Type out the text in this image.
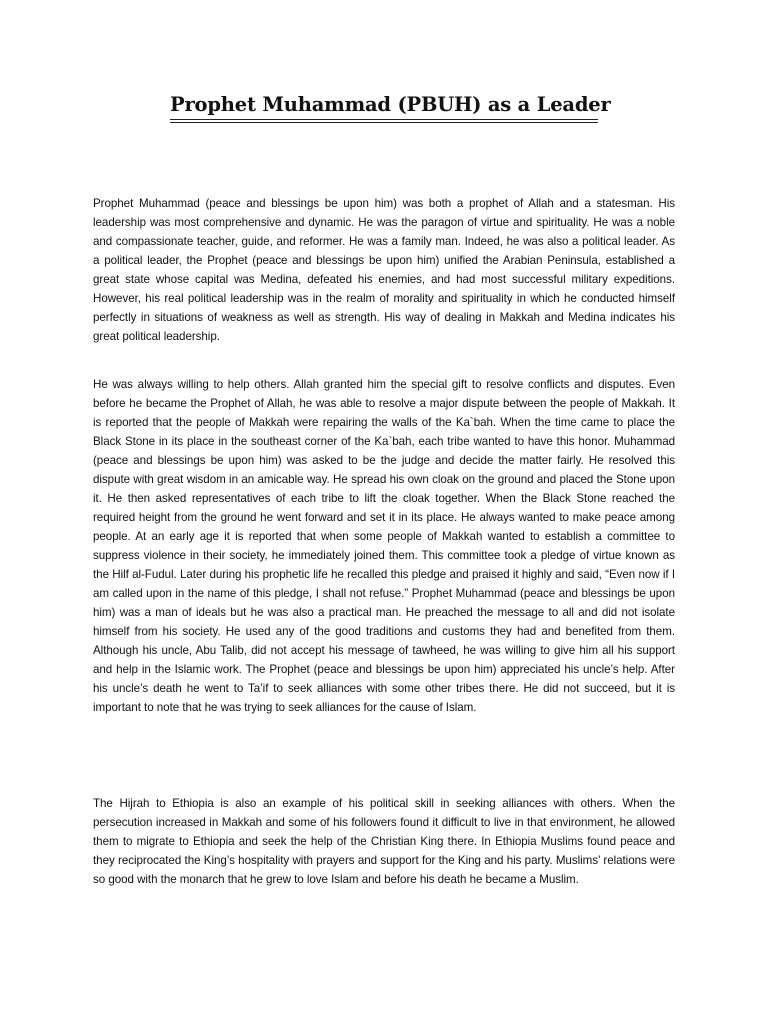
Prophet Muhammad (PBUH) as a Leader

Prophet Muhammad (peace and blessings be upon him) was both a prophet of Allah and a statesman. His leadership was most comprehensive and dynamic. He was the paragon of virtue and spirituality. He was a noble and compassionate teacher, guide, and reformer. He was a family man. Indeed, he was also a political leader. As a political leader, the Prophet (peace and blessings be upon him) unified the Arabian Peninsula, established a great state whose capital was Medina, defeated his enemies, and had most successful military expeditions. However, his real political leadership was in the realm of morality and spirituality in which he conducted himself perfectly in situations of weakness as well as strength. His way of dealing in Makkah and Medina indicates his great political leadership.

He was always willing to help others. Allah granted him the special gift to resolve conflicts and disputes. Even before he became the Prophet of Allah, he was able to resolve a major dispute between the people of Makkah. It is reported that the people of Makkah were repairing the walls of the Ka`bah. When the time came to place the Black Stone in its place in the southeast corner of the Ka`bah, each tribe wanted to have this honor. Muhammad (peace and blessings be upon him) was asked to be the judge and decide the matter fairly. He resolved this dispute with great wisdom in an amicable way. He spread his own cloak on the ground and placed the Stone upon it. He then asked representatives of each tribe to lift the cloak together. When the Black Stone reached the required height from the ground he went forward and set it in its place. He always wanted to make peace among people. At an early age it is reported that when some people of Makkah wanted to establish a committee to suppress violence in their society, he immediately joined them. This committee took a pledge of virtue known as the Hilf al-Fudul. Later during his prophetic life he recalled this pledge and praised it highly and said, “Even now if I am called upon in the name of this pledge, I shall not refuse.” Prophet Muhammad (peace and blessings be upon him) was a man of ideals but he was also a practical man. He preached the message to all and did not isolate himself from his society. He used any of the good traditions and customs they had and benefited from them. Although his uncle, Abu Talib, did not accept his message of tawheed, he was willing to give him all his support and help in the Islamic work. The Prophet (peace and blessings be upon him) appreciated his uncle’s help. After his uncle’s death he went to Ta’if to seek alliances with some other tribes there. He did not succeed, but it is important to note that he was trying to seek alliances for the cause of Islam.

The Hijrah to Ethiopia is also an example of his political skill in seeking alliances with others. When the persecution increased in Makkah and some of his followers found it difficult to live in that environment, he allowed them to migrate to Ethiopia and seek the help of the Christian King there. In Ethiopia Muslims found peace and they reciprocated the King’s hospitality with prayers and support for the King and his party. Muslims’ relations were so good with the monarch that he grew to love Islam and before his death he became a Muslim.
